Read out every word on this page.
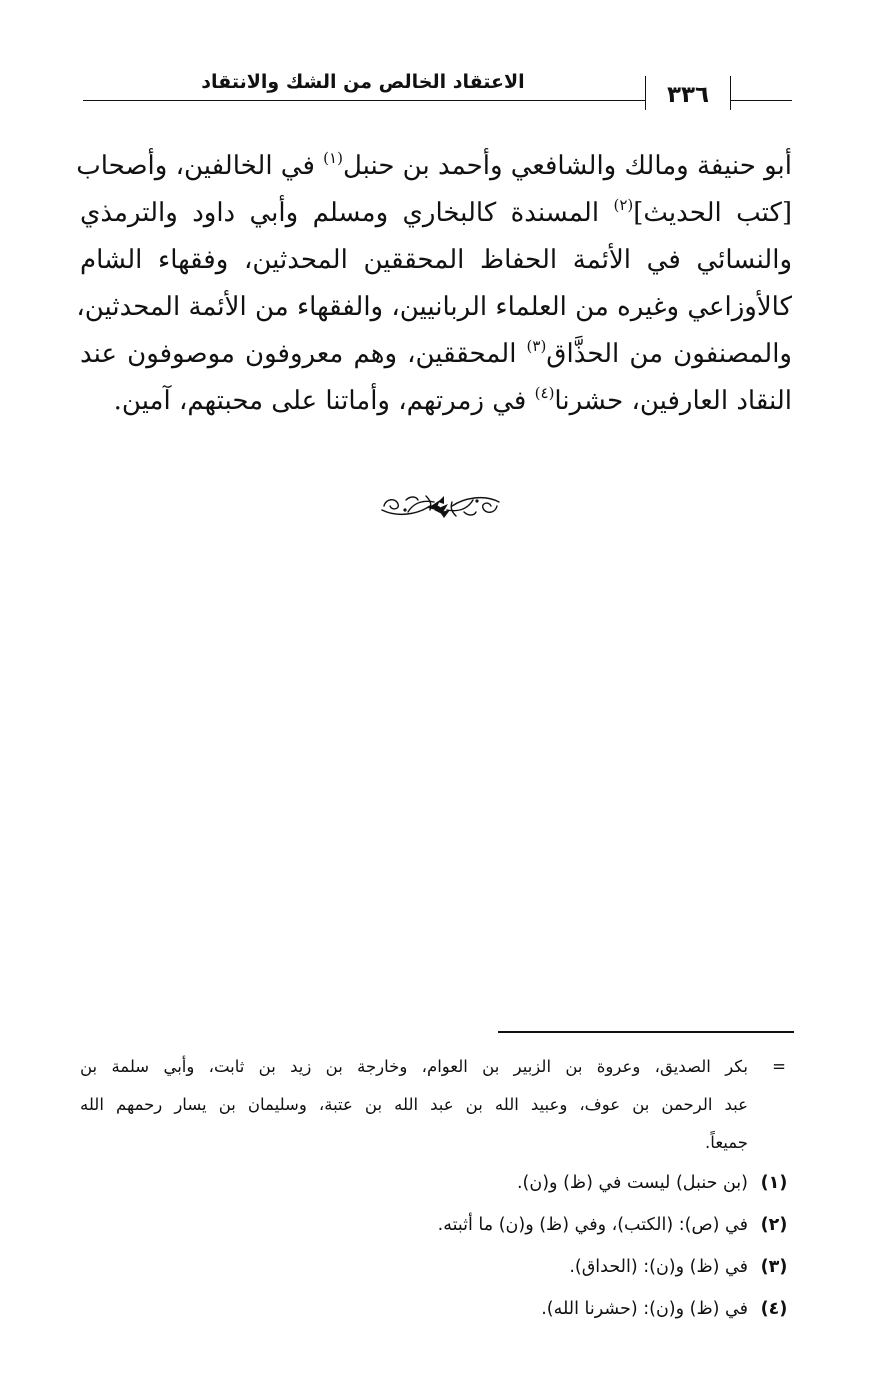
الاعتقاد الخالص من الشك والانتقاد	٣٣٦
أبو حنيفة ومالك والشافعي وأحمد بن حنبل$^{(١)}$ في الخالفين، وأصحاب
[كتب الحديث]$^{(٢)}$ المسندة كالبخاري ومسلم وأبي داود والترمذي
والنسائي في الأئمة الحفاظ المحققين المحدثين، وفقهاء الشام
كالأوزاعي وغيره من العلماء الربانيين، والفقهاء من الأئمة المحدثين،
والمصنفون من الحذَّاق$^{(٣)}$ المحققين، وهم معروفون موصوفون عند
النقاد العارفين، حشرنا$^{(٤)}$ في زمرتهم، وأماتنا على محبتهم، آمين.
=
بكر الصديق، وعروة بن الزبير بن العوام، وخارجة بن زيد بن ثابت، وأبي سلمة بن
عبد الرحمن بن عوف، وعبيد الله بن عبد الله بن عتبة، وسليمان بن يسار رحمهم الله
جميعاً.
(١)(بن حنبل) ليست في (ظ) و(ن).
(٢)في (ص): (الكتب)، وفي (ظ) و(ن) ما أثبته.
(٣)في (ظ) و(ن): (الحداق).
(٤)في (ظ) و(ن): (حشرنا الله).
